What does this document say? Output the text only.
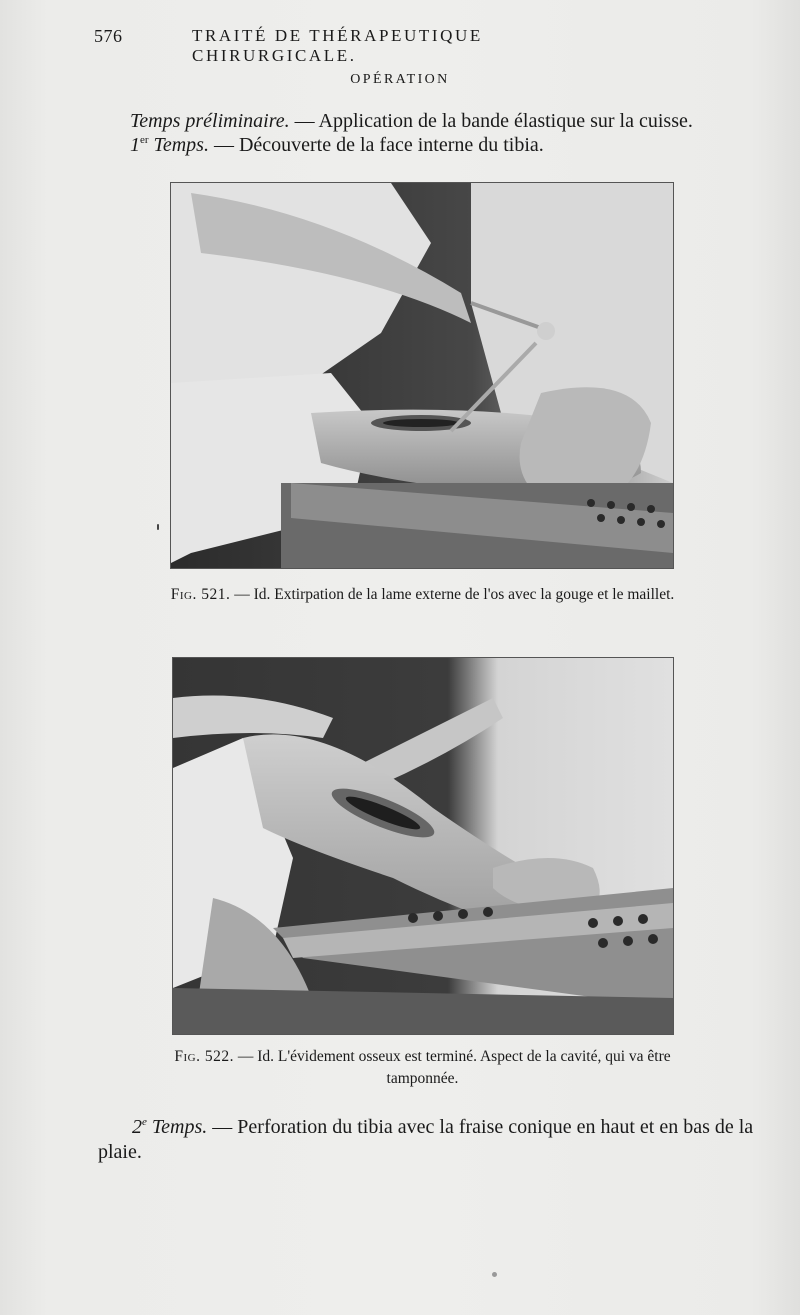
576	TRAITÉ DE THÉRAPEUTIQUE CHIRURGICALE.
OPÉRATION
Temps préliminaire. — Application de la bande élastique sur la cuisse.
1er Temps. — Découverte de la face interne du tibia.
Fig. 521. — Id. Extirpation de la lame externe de l'os avec la gouge et le maillet.
Fig. 522. — Id. L'évidement osseux est terminé. Aspect de la cavité, qui va être tamponnée.
2e Temps. — Perforation du tibia avec la fraise conique en haut et en bas de la plaie.
